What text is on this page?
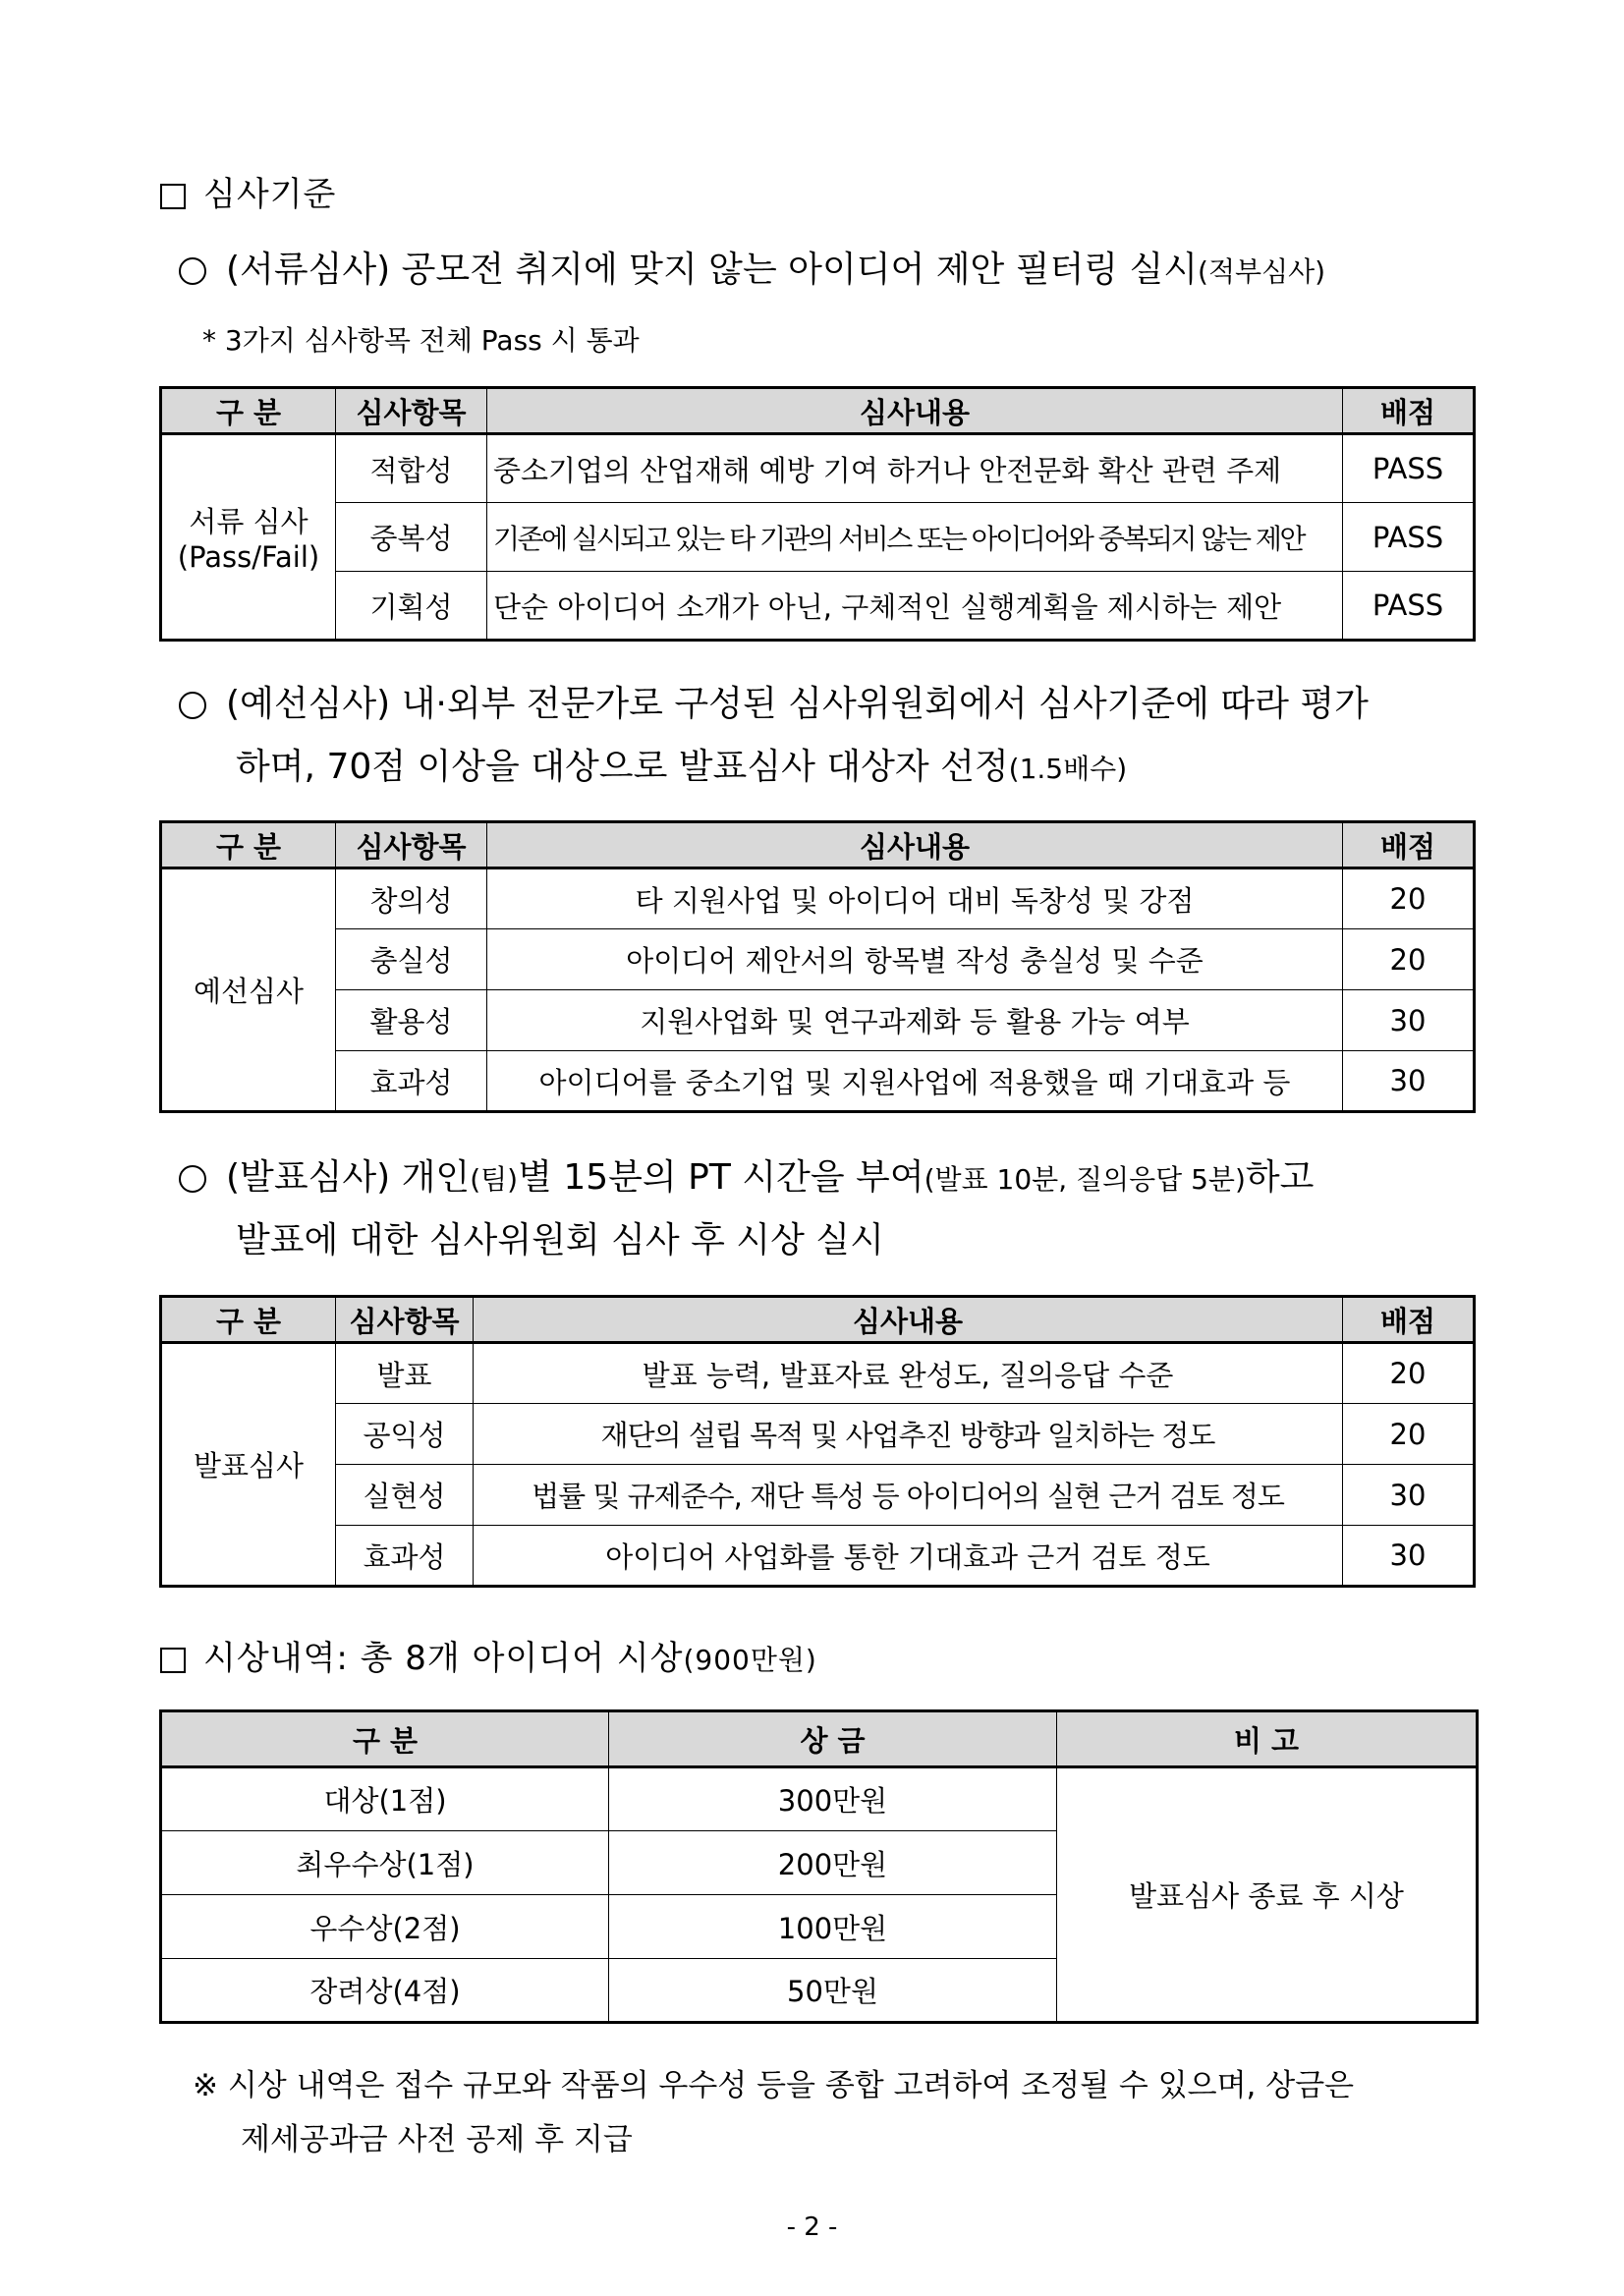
심사기준
(서류심사) 공모전 취지에 맞지 않는 아이디어 제안 필터링 실시(적부심사)
* 3가지 심사항목 전체 Pass 시 통과
구 분	심사항목	심사내용	배점

서류 심사
(Pass/Fail)	적합성	중소기업의 산업재해 예방 기여 하거나 안전문화 확산 관련 주제	PASS
	중복성	기존에 실시되고 있는 타 기관의 서비스 또는 아이디어와 중복되지 않는 제안	PASS
	기획성	단순 아이디어 소개가 아닌, 구체적인 실행계획을 제시하는 제안	PASS
(예선심사) 내·외부 전문가로 구성된 심사위원회에서 심사기준에 따라 평가
하며, 70점 이상을 대상으로 발표심사 대상자 선정(1.5배수)
구 분	심사항목	심사내용	배점
예선심사	창의성	타 지원사업 및 아이디어 대비 독창성 및 강점	20
	충실성	아이디어 제안서의 항목별 작성 충실성 및 수준	20
	활용성	지원사업화 및 연구과제화 등 활용 가능 여부	30
	효과성	아이디어를 중소기업 및 지원사업에 적용했을 때 기대효과 등	30
(발표심사) 개인(팀)별 15분의 PT 시간을 부여(발표 10분, 질의응답 5분)하고
발표에 대한 심사위원회 심사 후 시상 실시
구 분	심사항목	심사내용	배점
발표심사	발표	발표 능력, 발표자료 완성도, 질의응답 수준	20
	공익성	재단의 설립 목적 및 사업추진 방향과 일치하는 정도	20
	실현성	법률 및 규제준수, 재단 특성 등 아이디어의 실현 근거 검토 정도	30
	효과성	아이디어 사업화를 통한 기대효과 근거 검토 정도	30
시상내역: 총 8개 아이디어 시상(900만원)
구 분	상 금	비 고
대상(1점)	300만원	발표심사 종료 후 시상
최우수상(1점)	200만원	
우수상(2점)	100만원	
장려상(4점)	50만원	
※ 시상 내역은 접수 규모와 작품의 우수성 등을 종합 고려하여 조정될 수 있으며, 상금은
제세공과금 사전 공제 후 지급
- 2 -
